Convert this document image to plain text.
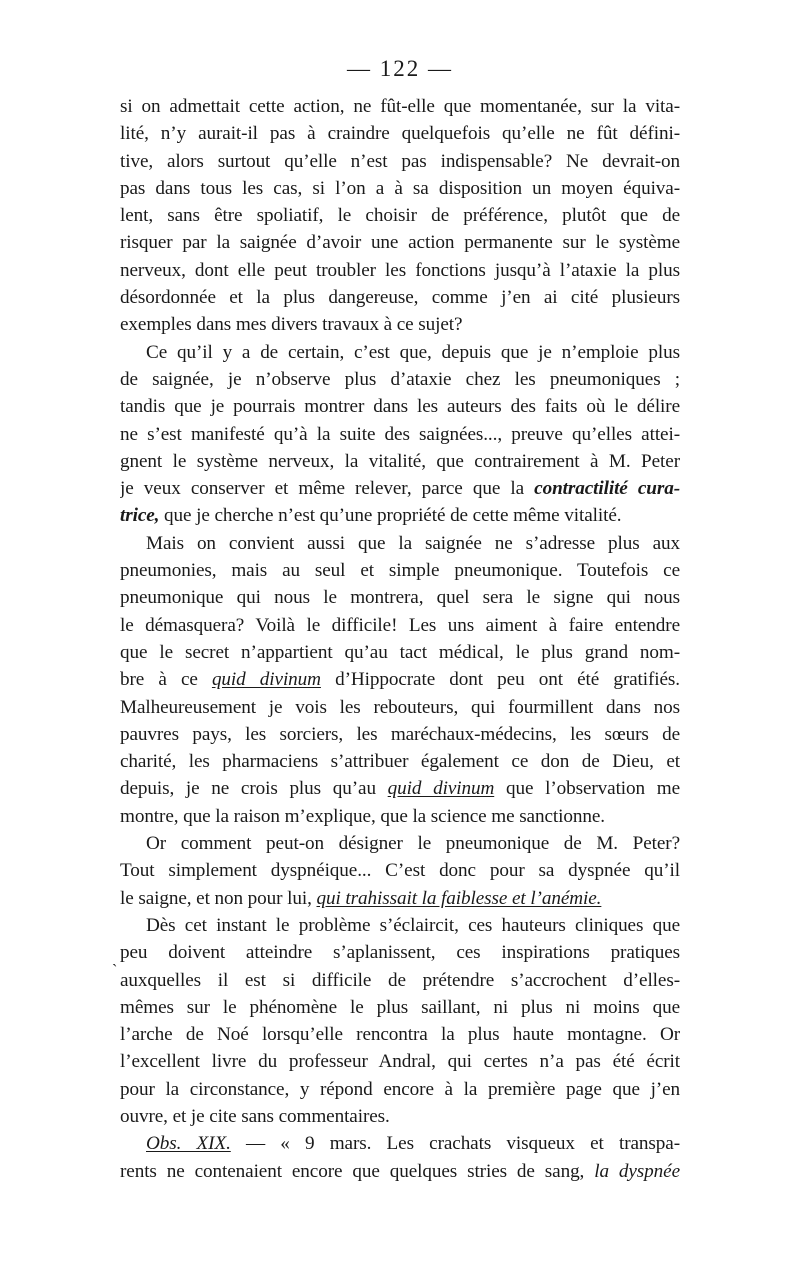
— 122 —
`
si on admettait cette action, ne fût-elle que momentanée, sur la vita-
lité, n’y aurait-il pas à craindre quelquefois qu’elle ne fût défini-
tive, alors surtout qu’elle n’est pas indispensable? Ne devrait-on
pas dans tous les cas, si l’on a à sa disposition un moyen équiva-
lent, sans être spoliatif, le choisir de préférence, plutôt que de
risquer par la saignée d’avoir une action permanente sur le système
nerveux, dont elle peut troubler les fonctions jusqu’à l’ataxie la plus
désordonnée et la plus dangereuse, comme j’en ai cité plusieurs
exemples dans mes divers travaux à ce sujet?
Ce qu’il y a de certain, c’est que, depuis que je n’emploie plus
de saignée, je n’observe plus d’ataxie chez les pneumoniques ;
tandis que je pourrais montrer dans les auteurs des faits où le délire
ne s’est manifesté qu’à la suite des saignées..., preuve qu’elles attei-
gnent le système nerveux, la vitalité, que contrairement à M. Peter
je veux conserver et même relever, parce que la contractilité cura-
trice, que je cherche n’est qu’une propriété de cette même vitalité.
Mais on convient aussi que la saignée ne s’adresse plus aux
pneumonies, mais au seul et simple pneumonique. Toutefois ce
pneumonique qui nous le montrera, quel sera le signe qui nous
le démasquera? Voilà le difficile! Les uns aiment à faire entendre
que le secret n’appartient qu’au tact médical, le plus grand nom-
bre à ce quid divinum d’Hippocrate dont peu ont été gratifiés.
Malheureusement je vois les rebouteurs, qui fourmillent dans nos
pauvres pays, les sorciers, les maréchaux-médecins, les sœurs de
charité, les pharmaciens s’attribuer également ce don de Dieu, et
depuis, je ne crois plus qu’au quid divinum que l’observation me
montre, que la raison m’explique, que la science me sanctionne.
Or comment peut-on désigner le pneumonique de M. Peter?
Tout simplement dyspnéique... C’est donc pour sa dyspnée qu’il
le saigne, et non pour lui, qui trahissait la faiblesse et l’anémie.
Dès cet instant le problème s’éclaircit, ces hauteurs cliniques que
peu doivent atteindre s’aplanissent, ces inspirations pratiques
auxquelles il est si difficile de prétendre s’accrochent d’elles-
mêmes sur le phénomène le plus saillant, ni plus ni moins que
l’arche de Noé lorsqu’elle rencontra la plus haute montagne. Or
l’excellent livre du professeur Andral, qui certes n’a pas été écrit
pour la circonstance, y répond encore à la première page que j’en
ouvre, et je cite sans commentaires.
Obs. XIX. — « 9 mars. Les crachats visqueux et transpa-
rents ne contenaient encore que quelques stries de sang, la dyspnée
